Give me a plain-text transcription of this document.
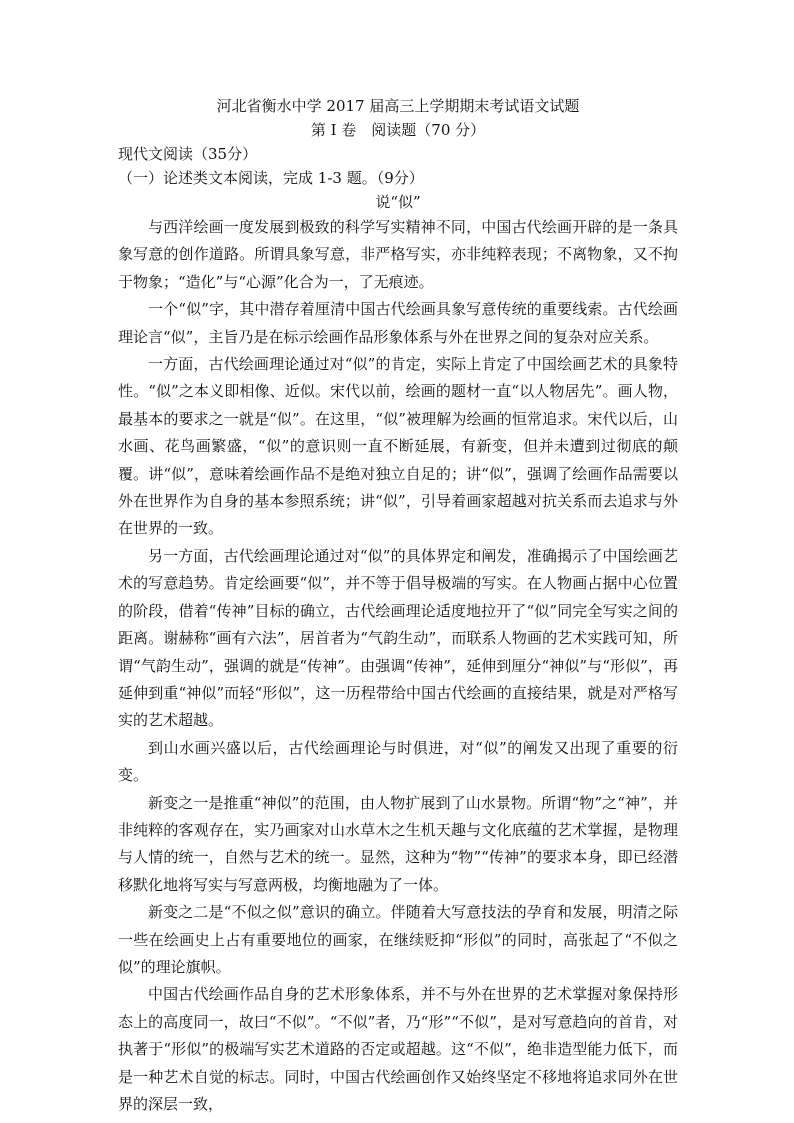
河北省衡水中学 2017 届高三上学期期末考试语文试题

第 I 卷　阅读题（70 分）

现代文阅读（35分）

（一）论述类文本阅读，完成 1-3 题。（9分）

说“似”

与西洋绘画一度发展到极致的科学写实精神不同，中国古代绘画开辟的是一条具象写意的创作道路。所谓具象写意，非严格写实，亦非纯粹表现；不离物象，又不拘于物象；“造化”与“心源”化合为一，了无痕迹。

一个“似”字，其中潜存着厘清中国古代绘画具象写意传统的重要线索。古代绘画理论言“似”，主旨乃是在标示绘画作品形象体系与外在世界之间的复杂对应关系。

一方面，古代绘画理论通过对“似”的肯定，实际上肯定了中国绘画艺术的具象特性。“似”之本义即相像、近似。宋代以前，绘画的题材一直“以人物居先”。画人物，最基本的要求之一就是“似”。在这里，“似”被理解为绘画的恒常追求。宋代以后，山水画、花鸟画繁盛，“似”的意识则一直不断延展，有新变，但并未遭到过彻底的颠覆。讲“似”，意味着绘画作品不是绝对独立自足的；讲“似”，强调了绘画作品需要以外在世界作为自身的基本参照系统；讲“似”，引导着画家超越对抗关系而去追求与外在世界的一致。

另一方面，古代绘画理论通过对“似”的具体界定和阐发，准确揭示了中国绘画艺术的写意趋势。肯定绘画要“似”，并不等于倡导极端的写实。在人物画占据中心位置的阶段，借着“传神”目标的确立，古代绘画理论适度地拉开了“似”同完全写实之间的距离。谢赫称“画有六法”，居首者为“气韵生动”，而联系人物画的艺术实践可知，所谓“气韵生动”，强调的就是“传神”。由强调“传神”，延伸到厘分“神似”与“形似”，再延伸到重“神似”而轻“形似”，这一历程带给中国古代绘画的直接结果，就是对严格写实的艺术超越。

到山水画兴盛以后，古代绘画理论与时俱进，对“似”的阐发又出现了重要的衍变。

新变之一是推重“神似”的范围，由人物扩展到了山水景物。所谓“物”之“神”，并非纯粹的客观存在，实乃画家对山水草木之生机天趣与文化底蕴的艺术掌握，是物理与人情的统一，自然与艺术的统一。显然，这种为“物”“传神”的要求本身，即已经潜移默化地将写实与写意两极，均衡地融为了一体。

新变之二是“不似之似”意识的确立。伴随着大写意技法的孕育和发展，明清之际一些在绘画史上占有重要地位的画家，在继续贬抑“形似”的同时，高张起了“不似之似”的理论旗帜。

中国古代绘画作品自身的艺术形象体系，并不与外在世界的艺术掌握对象保持形态上的高度同一，故曰“不似”。“不似”者，乃“形”“不似”，是对写意趋向的首肯，对执著于“形似”的极端写实艺术道路的否定或超越。这“不似”，绝非造型能力低下，而是一种艺术自觉的标志。同时，中国古代绘画创作又始终坚定不移地将追求同外在世界的深层一致，
